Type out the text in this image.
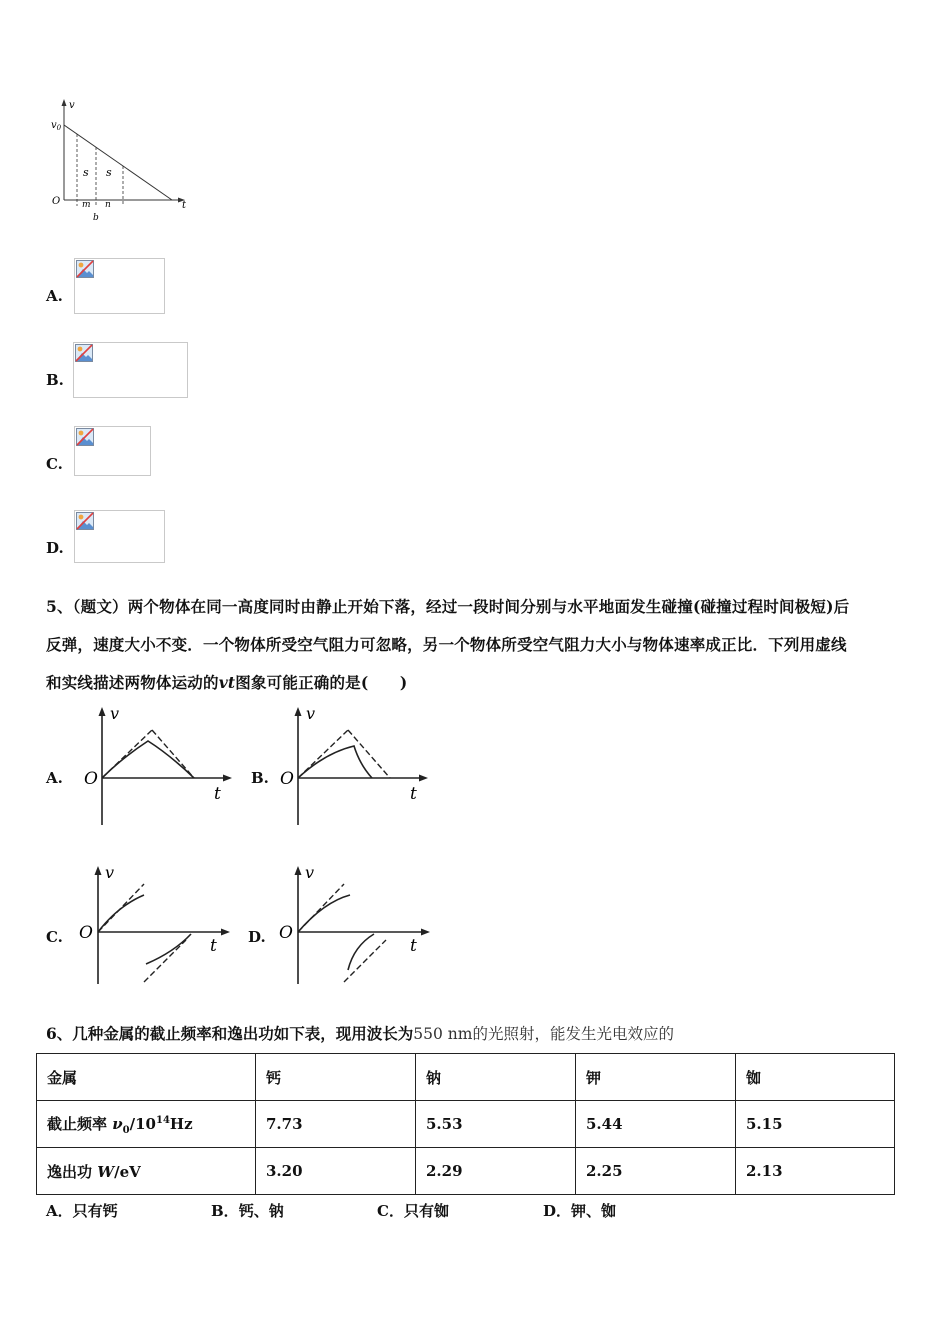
v
$v_0$
O	t
s s
m n
b
A.
B.
C.
D.
5、（题文）两个物体在同一高度同时由静止开始下落，经过一段时间分别与水平地面发生碰撞(碰撞过程时间极短)后
反弹，速度大小不变．一个物体所受空气阻力可忽略，另一个物体所受空气阻力大小与物体速率成正比．下列用虚线
和实线描述两物体运动的vt图象可能正确的是(　　)
A.
v
O
t
B.
v
O
t
C.
v
O
t D.
v
O
t
6、几种金属的截止频率和逸出功如下表，现用波长为550 nm的光照射，能发生光电效应的
金属	钙	钠	钾	铷
截止频率 $\nu_0/10^{14}Hz$	7.73	5.53	5.44	5.15
逸出功 W/eV	3.20	2.29	2.25	2.13
A．只有钙	B．钙、钠	C．只有铷	D．钾、铷
